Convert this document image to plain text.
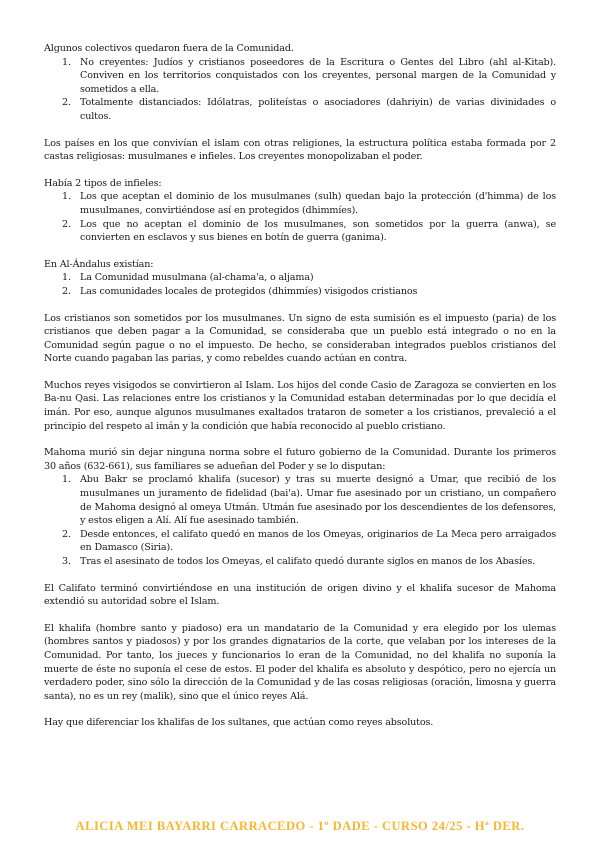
Algunos colectivos quedaron fuera de la Comunidad.

1. No creyentes: Judíos y cristianos poseedores de la Escritura o Gentes del Libro (ahl al-Kitab). Conviven en los territorios conquistados con los creyentes, personal margen de la Comunidad y sometidos a ella.
2. Totalmente distanciados: Idólatras, politeístas o asociadores (dahriyin) de varias divinidades o cultos.

Los países en los que convivían el islam con otras religiones, la estructura política estaba formada por 2 castas religiosas: musulmanes e infieles. Los creyentes monopolizaban el poder.

Había 2 tipos de infieles:

1. Los que aceptan el dominio de los musulmanes (sulh) quedan bajo la protección (d'himma) de los musulmanes, convirtiéndose así en protegidos (dhimmíes).
2. Los que no aceptan el dominio de los musulmanes, son sometidos por la guerra (anwa), se convierten en esclavos y sus bienes en botín de guerra (ganima).

En Al-Ándalus existían:

1. La Comunidad musulmana (al-chama'a, o aljama)
2. Las comunidades locales de protegidos (dhimmíes) visigodos cristianos

Los cristianos son sometidos por los musulmanes. Un signo de esta sumisión es el impuesto (paria) de los cristianos que deben pagar a la Comunidad, se consideraba que un pueblo está integrado o no en la Comunidad según pague o no el impuesto. De hecho, se consideraban integrados pueblos cristianos del Norte cuando pagaban las parias, y como rebeldes cuando actúan en contra.

Muchos reyes visigodos se convirtieron al Islam. Los hijos del conde Casio de Zaragoza se convierten en los Ba-nu Qasi. Las relaciones entre los cristianos y la Comunidad estaban determinadas por lo que decidía el imán. Por eso, aunque algunos musulmanes exaltados trataron de someter a los cristianos, prevaleció a el principio del respeto al imán y la condición que había reconocido al pueblo cristiano.

Mahoma murió sin dejar ninguna norma sobre el futuro gobierno de la Comunidad. Durante los primeros 30 años (632-661), sus familiares se adueñan del Poder y se lo disputan:

1. Abu Bakr se proclamó khalifa (sucesor) y tras su muerte designó a Umar, que recibió de los musulmanes un juramento de fidelidad (bai'a). Umar fue asesinado por un cristiano, un compañero de Mahoma designó al omeya Utmán. Utmán fue asesinado por los descendientes de los defensores, y estos eligen a Alí. Alí fue asesinado también.
2. Desde entonces, el califato quedó en manos de los Omeyas, originarios de La Meca pero arraigados en Damasco (Siria).
3. Tras el asesinato de todos los Omeyas, el califato quedó durante siglos en manos de los Abasíes.

El Califato terminó convirtiéndose en una institución de origen divino y el khalifa sucesor de Mahoma extendió su autoridad sobre el Islam.

El khalifa (hombre santo y piadoso) era un mandatario de la Comunidad y era elegido por los ulemas (hombres santos y piadosos) y por los grandes dignatarios de la corte, que velaban por los intereses de la Comunidad. Por tanto, los jueces y funcionarios lo eran de la Comunidad, no del khalifa no suponía la muerte de éste no suponía el cese de estos. El poder del khalifa es absoluto y despótico, pero no ejercía un verdadero poder, sino sólo la dirección de la Comunidad y de las cosas religiosas (oración, limosna y guerra santa), no es un rey (malik), sino que el único reyes Alá.

Hay que diferenciar los khalifas de los sultanes, que actúan como reyes absolutos.

ALICIA MEI BAYARRI CARRACEDO - 1º DADE - CURSO 24/25 - Hª DER.
